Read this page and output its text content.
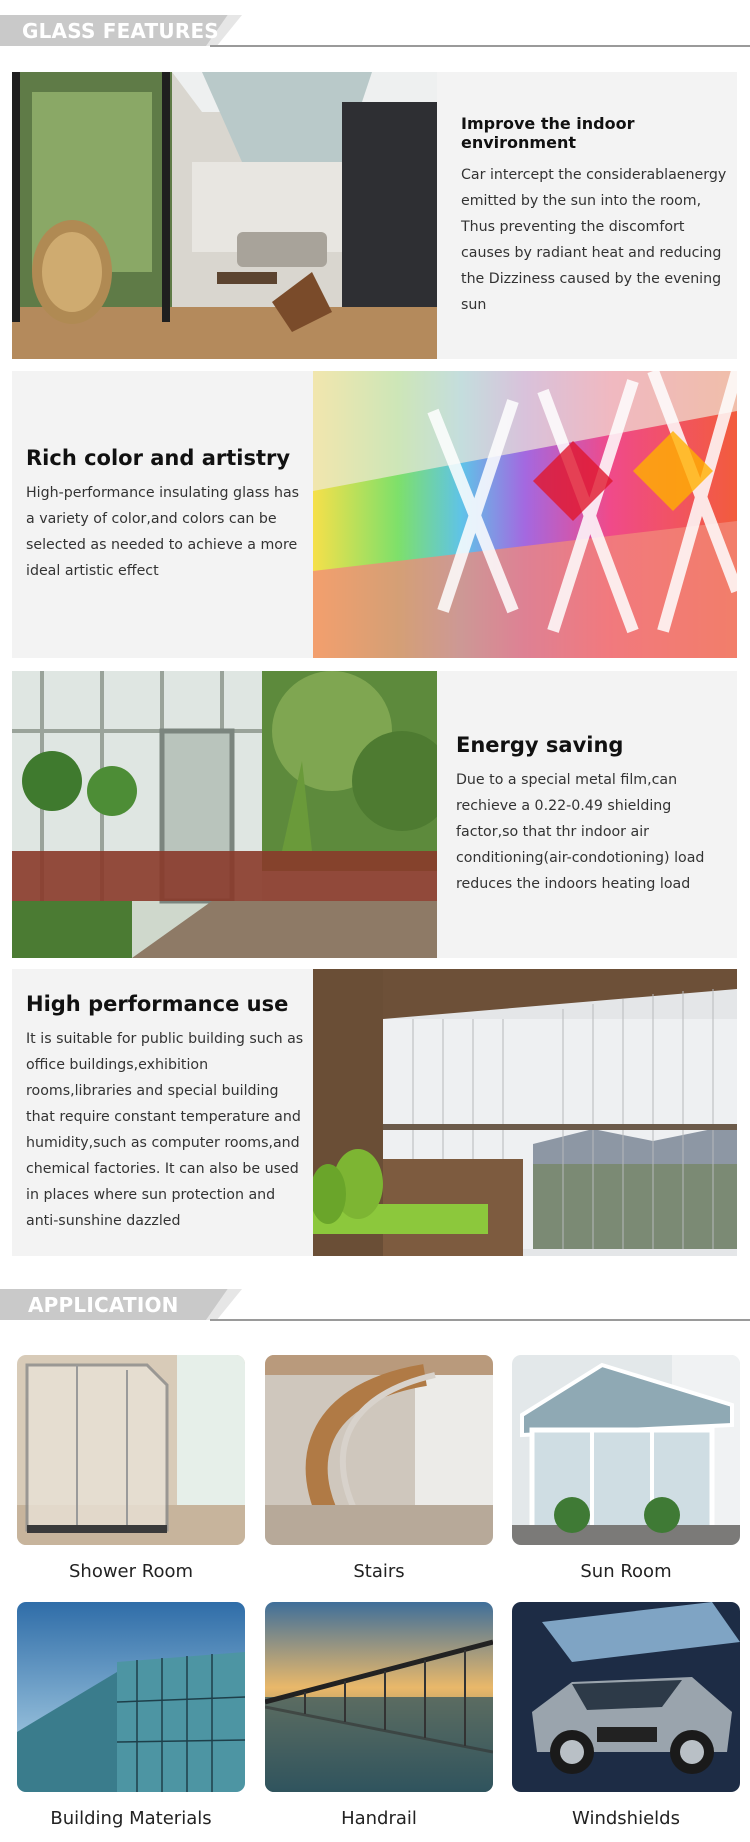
GLASS FEATURES
Improve the indoor environment

Car intercept the considerablaenergy emitted by the sun into the room, Thus preventing the discomfort causes by radiant heat and reducing the Dizziness caused by the evening sun

Rich color and artistry

High-performance insulating glass has a variety of color,and colors can be selected as needed to achieve a more ideal artistic effect

Energy saving

Due to a special metal film,can rechieve a 0.22-0.49 shielding factor,so that thr indoor air conditioning(air-condotioning) load reduces the indoors heating load

High performance use

It is suitable for public building such as office buildings,exhibition rooms,libraries and special building that require constant temperature and humidity,such as computer rooms,and chemical factories. It can also be used in places where sun protection and anti-sunshine dazzled

APPLICATION
Shower Room	Stairs	Sun Room
Building Materials	Handrail	Windshields
